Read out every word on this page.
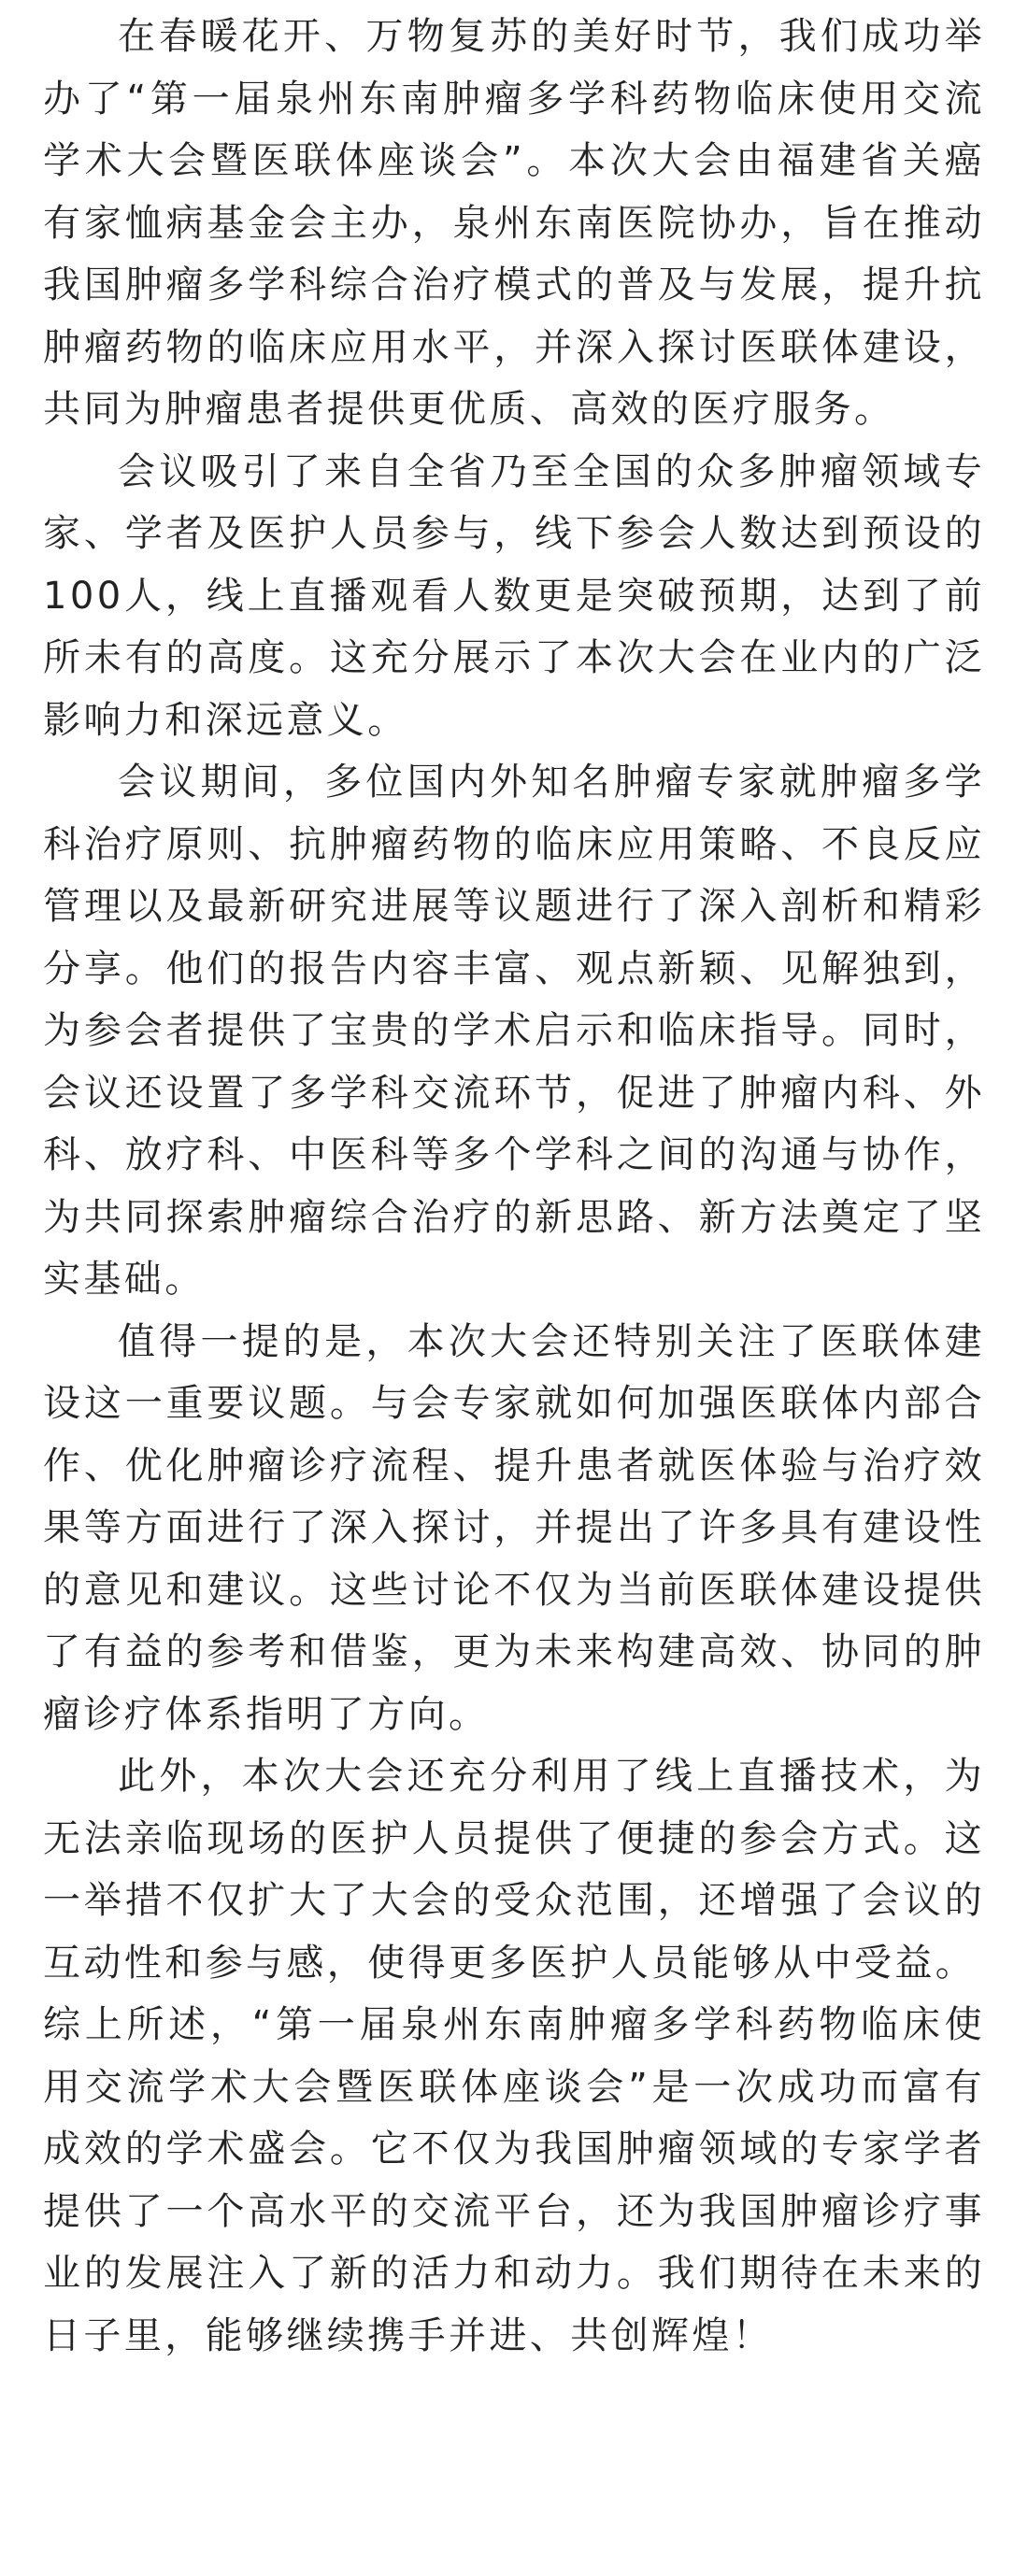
在春暖花开、万物复苏的美好时节，我们成功举办了“第一届泉州东南肿瘤多学科药物临床使用交流学术大会暨医联体座谈会”。本次大会由福建省关癌有家恤病基金会主办，泉州东南医院协办，旨在推动我国肿瘤多学科综合治疗模式的普及与发展，提升抗肿瘤药物的临床应用水平，并深入探讨医联体建设，共同为肿瘤患者提供更优质、高效的医疗服务。

会议吸引了来自全省乃至全国的众多肿瘤领域专家、学者及医护人员参与，线下参会人数达到预设的100人，线上直播观看人数更是突破预期，达到了前所未有的高度。这充分展示了本次大会在业内的广泛影响力和深远意义。

会议期间，多位国内外知名肿瘤专家就肿瘤多学科治疗原则、抗肿瘤药物的临床应用策略、不良反应管理以及最新研究进展等议题进行了深入剖析和精彩分享。他们的报告内容丰富、观点新颖、见解独到，为参会者提供了宝贵的学术启示和临床指导。同时，会议还设置了多学科交流环节，促进了肿瘤内科、外科、放疗科、中医科等多个学科之间的沟通与协作，为共同探索肿瘤综合治疗的新思路、新方法奠定了坚实基础。

值得一提的是，本次大会还特别关注了医联体建设这一重要议题。与会专家就如何加强医联体内部合作、优化肿瘤诊疗流程、提升患者就医体验与治疗效果等方面进行了深入探讨，并提出了许多具有建设性的意见和建议。这些讨论不仅为当前医联体建设提供了有益的参考和借鉴，更为未来构建高效、协同的肿瘤诊疗体系指明了方向。

此外，本次大会还充分利用了线上直播技术，为无法亲临现场的医护人员提供了便捷的参会方式。这一举措不仅扩大了大会的受众范围，还增强了会议的互动性和参与感，使得更多医护人员能够从中受益。

综上所述，“第一届泉州东南肿瘤多学科药物临床使用交流学术大会暨医联体座谈会”是一次成功而富有成效的学术盛会。它不仅为我国肿瘤领域的专家学者提供了一个高水平的交流平台，还为我国肿瘤诊疗事业的发展注入了新的活力和动力。我们期待在未来的日子里，能够继续携手并进、共创辉煌！
